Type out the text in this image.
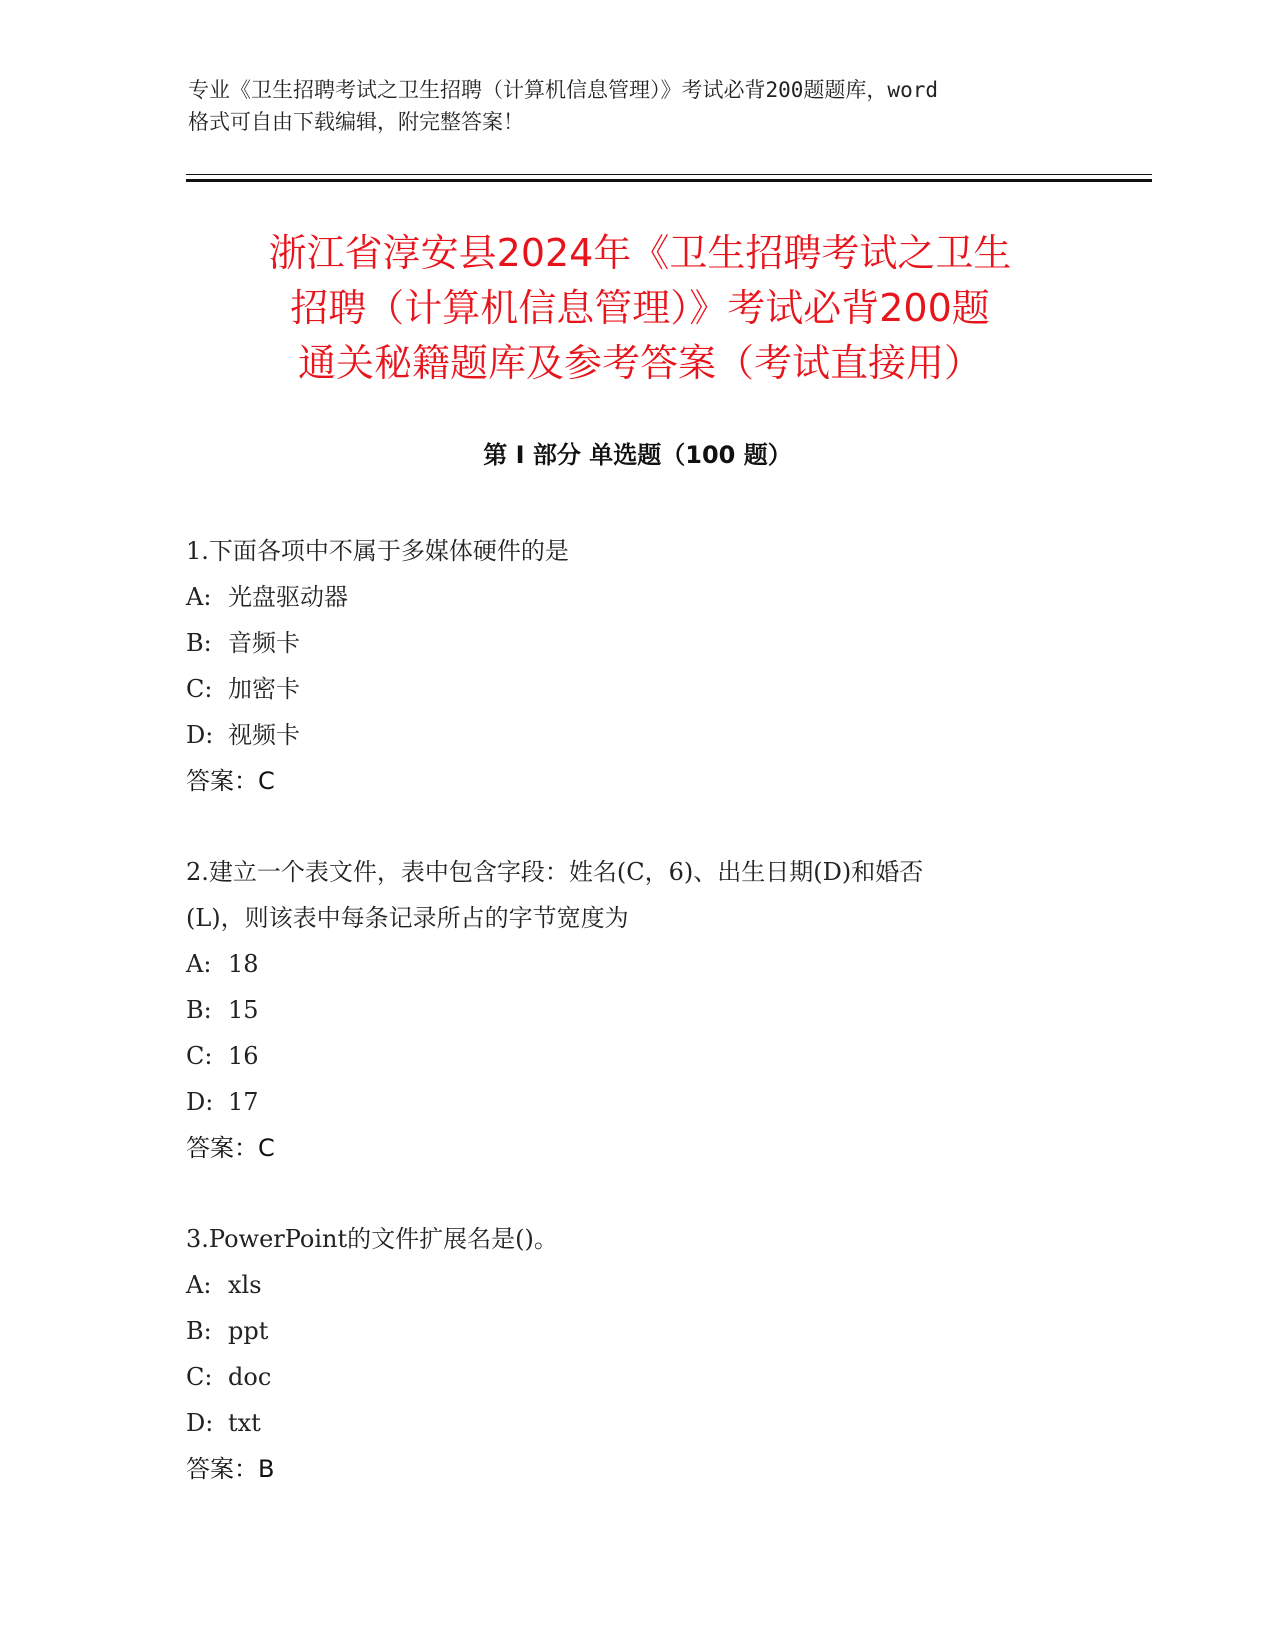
专业《卫生招聘考试之卫生招聘（计算机信息管理）》考试必背200题题库，word
格式可自由下载编辑，附完整答案！
浙江省淳安县2024年《卫生招聘考试之卫生
招聘（计算机信息管理）》考试必背200题
通关秘籍题库及参考答案（考试直接用）
第 I 部分 单选题（100 题）
1.下面各项中不属于多媒体硬件的是
A: 光盘驱动器
B: 音频卡
C: 加密卡
D: 视频卡
答案：C
2.建立一个表文件，表中包含字段：姓名(C，6)、出生日期(D)和婚否
(L)，则该表中每条记录所占的字节宽度为
A: 18
B: 15
C: 16
D: 17
答案：C
3.PowerPoint的文件扩展名是()。
A: xls
B: ppt
C: doc
D: txt
答案：B
